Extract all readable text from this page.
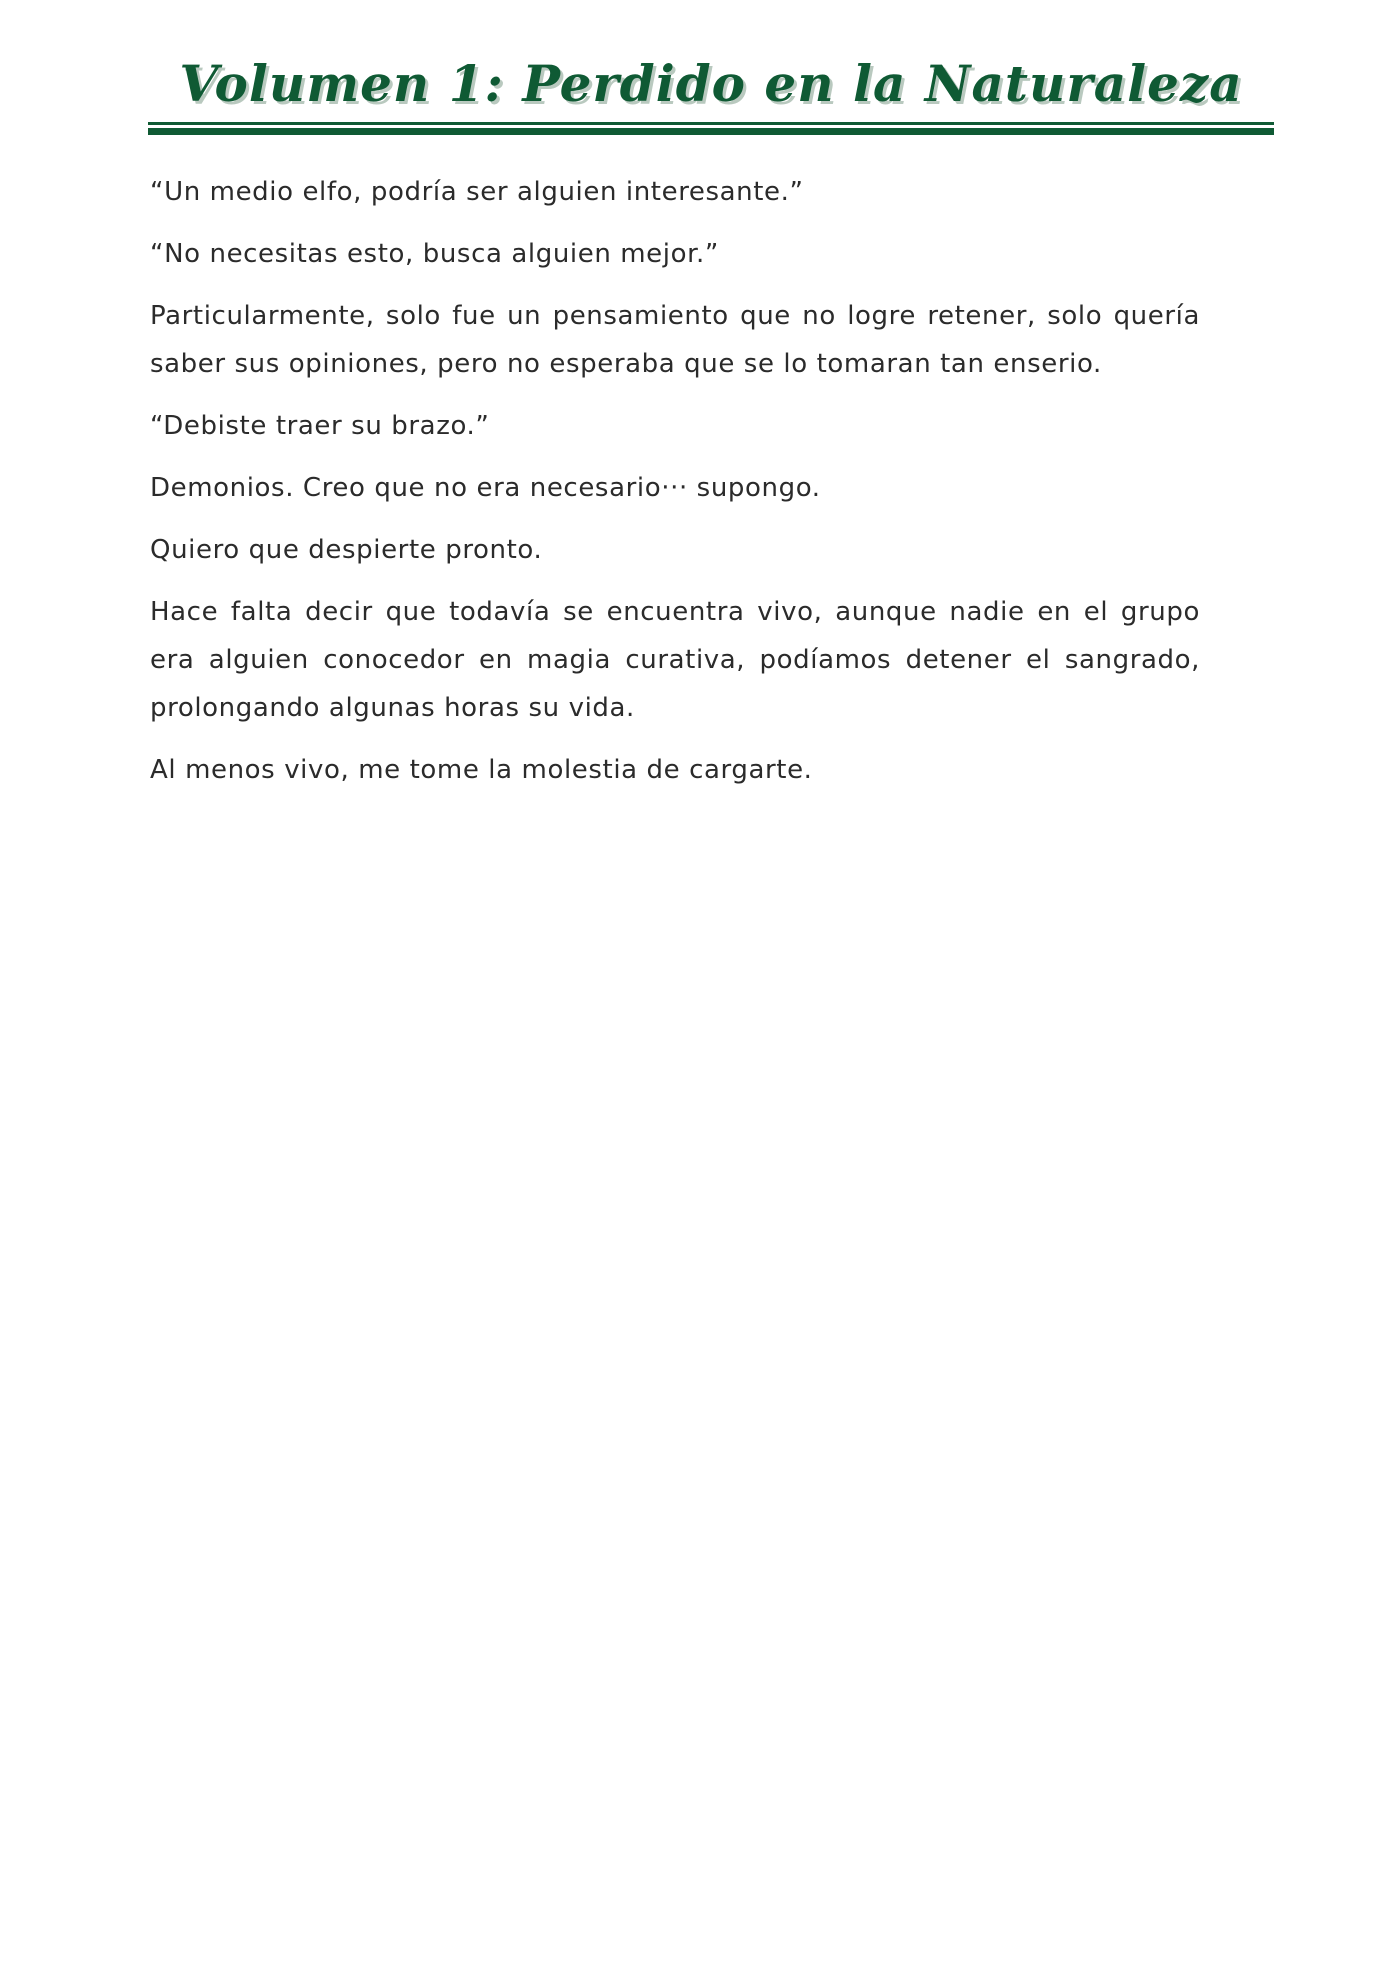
Volumen 1: Perdido en la Naturaleza

“Un medio elfo, podría ser alguien interesante.”

“No necesitas esto, busca alguien mejor.”

Particularmente, solo fue un pensamiento que no logre retener, solo quería saber sus opiniones, pero no esperaba que se lo tomaran tan enserio.

“Debiste traer su brazo.”

Demonios. Creo que no era necesario··· supongo.

Quiero que despierte pronto.

Hace falta decir que todavía se encuentra vivo, aunque nadie en el grupo era alguien conocedor en magia curativa, podíamos detener el sangrado, prolongando algunas horas su vida.

Al menos vivo, me tome la molestia de cargarte.
